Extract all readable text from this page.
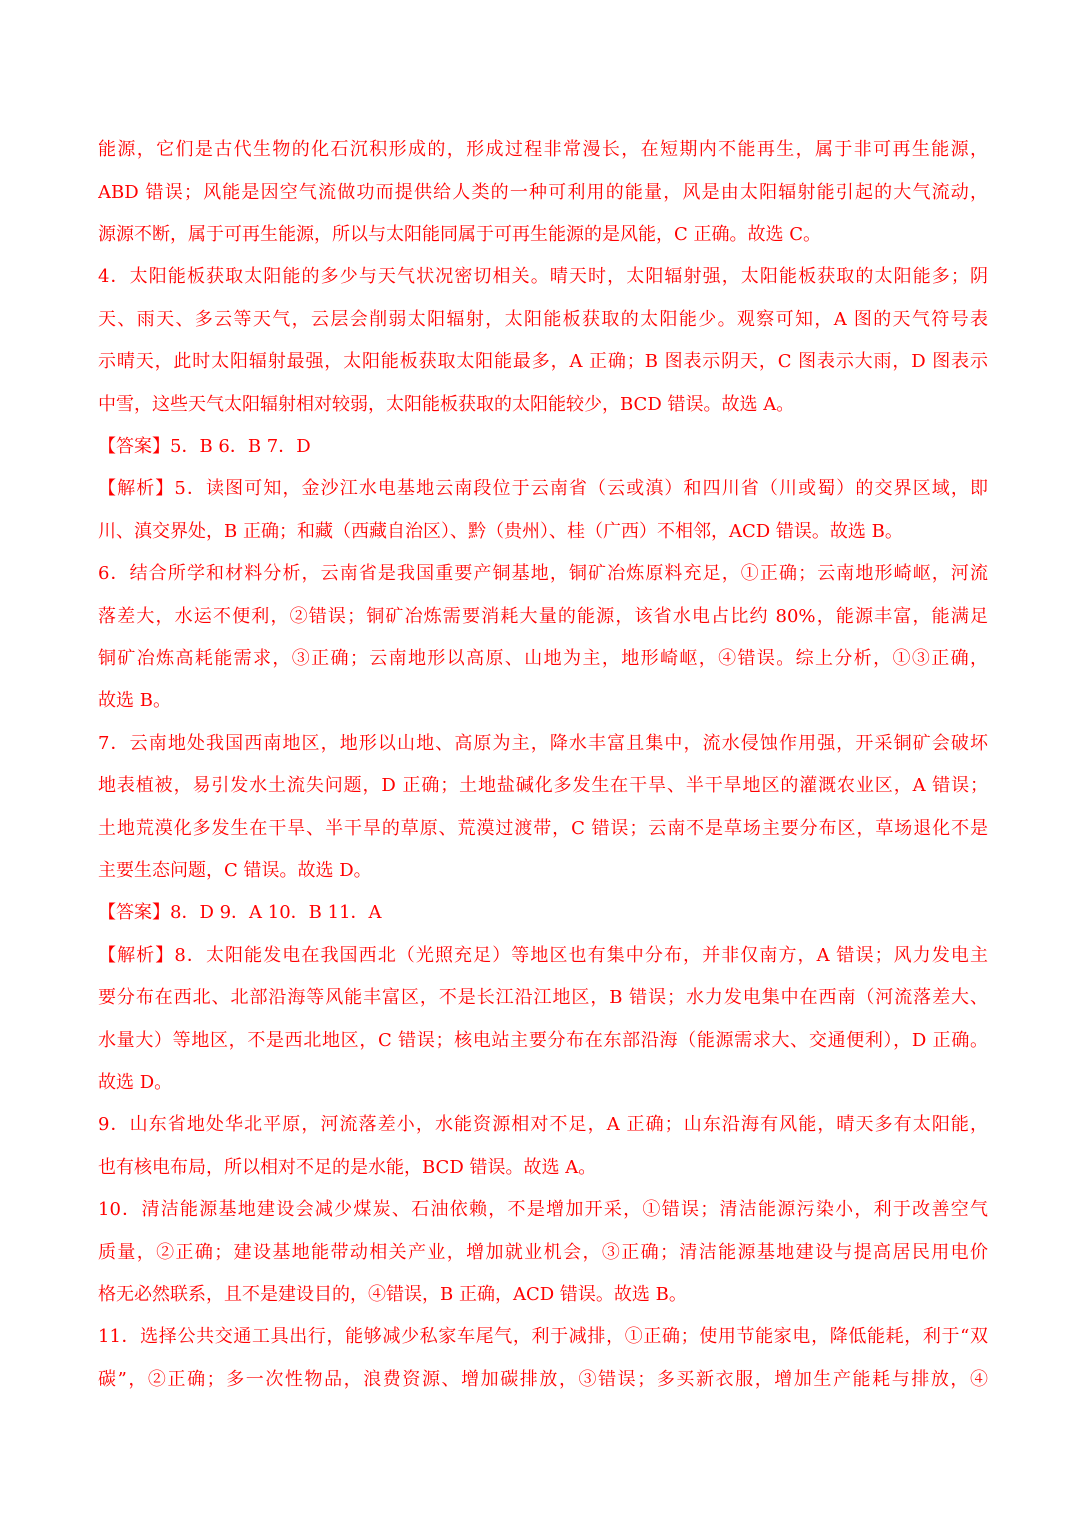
能源，它们是古代生物的化石沉积形成的，形成过程非常漫长，在短期内不能再生，属于非可再生能源，
ABD 错误；风能是因空气流做功而提供给人类的一种可利用的能量，风是由太阳辐射能引起的大气流动，
源源不断，属于可再生能源，所以与太阳能同属于可再生能源的是风能，C 正确。故选 C。
4．太阳能板获取太阳能的多少与天气状况密切相关。晴天时，太阳辐射强，太阳能板获取的太阳能多；阴
天、雨天、多云等天气，云层会削弱太阳辐射，太阳能板获取的太阳能少。观察可知，A 图的天气符号表
示晴天，此时太阳辐射最强，太阳能板获取太阳能最多，A 正确；B 图表示阴天，C 图表示大雨，D 图表示
中雪，这些天气太阳辐射相对较弱，太阳能板获取的太阳能较少，BCD 错误。故选 A。
【答案】5．B 6．B 7．D
【解析】5．读图可知，金沙江水电基地云南段位于云南省（云或滇）和四川省（川或蜀）的交界区域，即
川、滇交界处，B 正确；和藏（西藏自治区）、黔（贵州）、桂（广西）不相邻，ACD 错误。故选 B。
6．结合所学和材料分析，云南省是我国重要产铜基地，铜矿冶炼原料充足，①正确；云南地形崎岖，河流
落差大，水运不便利，②错误；铜矿冶炼需要消耗大量的能源，该省水电占比约 80%，能源丰富，能满足
铜矿冶炼高耗能需求，③正确；云南地形以高原、山地为主，地形崎岖，④错误。综上分析，①③正确，
故选 B。
7．云南地处我国西南地区，地形以山地、高原为主，降水丰富且集中，流水侵蚀作用强，开采铜矿会破坏
地表植被，易引发水土流失问题，D 正确；土地盐碱化多发生在干旱、半干旱地区的灌溉农业区，A 错误；
土地荒漠化多发生在干旱、半干旱的草原、荒漠过渡带，C 错误；云南不是草场主要分布区，草场退化不是
主要生态问题，C 错误。故选 D。
【答案】8．D 9．A 10．B 11．A
【解析】8．太阳能发电在我国西北（光照充足）等地区也有集中分布，并非仅南方，A 错误；风力发电主
要分布在西北、北部沿海等风能丰富区，不是长江沿江地区，B 错误；水力发电集中在西南（河流落差大、
水量大）等地区，不是西北地区，C 错误；核电站主要分布在东部沿海（能源需求大、交通便利），D 正确。
故选 D。
9．山东省地处华北平原，河流落差小，水能资源相对不足，A 正确；山东沿海有风能，晴天多有太阳能，
也有核电布局，所以相对不足的是水能，BCD 错误。故选 A。
10．清洁能源基地建设会减少煤炭、石油依赖，不是增加开采，①错误；清洁能源污染小，利于改善空气
质量，②正确；建设基地能带动相关产业，增加就业机会，③正确；清洁能源基地建设与提高居民用电价
格无必然联系，且不是建设目的，④错误，B 正确，ACD 错误。故选 B。
11．选择公共交通工具出行，能够减少私家车尾气，利于减排，①正确；使用节能家电，降低能耗，利于“双
碳”，②正确；多一次性物品，浪费资源、增加碳排放，③错误；多买新衣服，增加生产能耗与排放，④
